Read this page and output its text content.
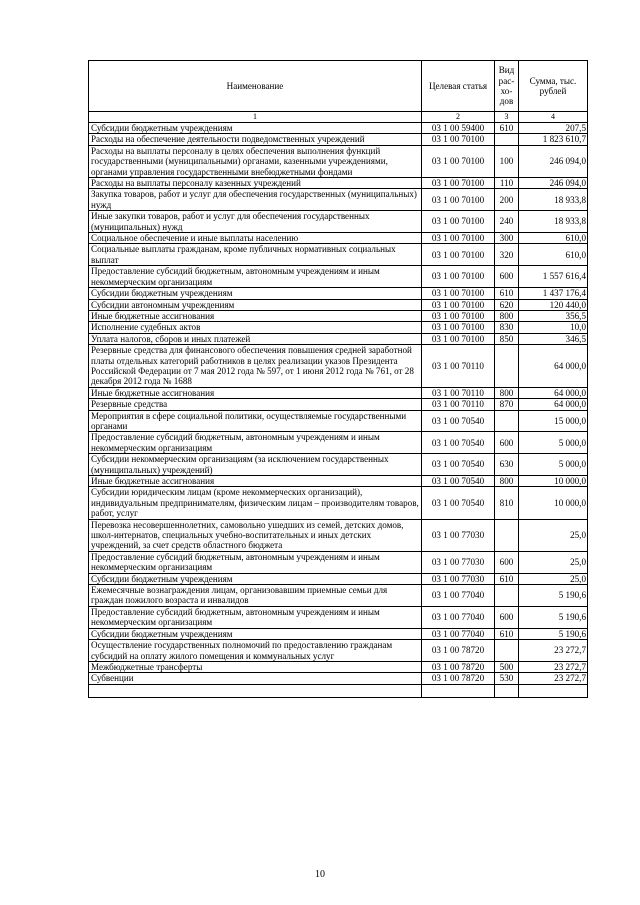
Наименование	Целевая статья	Вид рас-хо-дов	Сумма, тыс. рублей
1	2	3	4
Субсидии бюджетным учреждениям	03 1 00 59400	610	207,5
Расходы на обеспечение деятельности подведомственных учреждений	03 1 00 70100		1 823 610,7
Расходы на выплаты персоналу в целях обеспечения выполнения функций государственными (муниципальными) органами, казенными учреждениями, органами управления государственными внебюджетными фондами	03 1 00 70100	100	246 094,0
Расходы на выплаты персоналу казенных учреждений	03 1 00 70100	110	246 094,0
Закупка товаров, работ и услуг для обеспечения государственных (муниципальных) нужд	03 1 00 70100	200	18 933,8
Иные закупки товаров, работ и услуг для обеспечения государственных (муниципальных) нужд	03 1 00 70100	240	18 933,8
Социальное обеспечение и иные выплаты населению	03 1 00 70100	300	610,0
Социальные выплаты гражданам, кроме публичных нормативных социальных выплат	03 1 00 70100	320	610,0
Предоставление субсидий бюджетным, автономным учреждениям и иным некоммерческим организациям	03 1 00 70100	600	1 557 616,4
Субсидии бюджетным учреждениям	03 1 00 70100	610	1 437 176,4
Субсидии автономным учреждениям	03 1 00 70100	620	120 440,0
Иные бюджетные ассигнования	03 1 00 70100	800	356,5
Исполнение судебных актов	03 1 00 70100	830	10,0
Уплата налогов, сборов и иных платежей	03 1 00 70100	850	346,5
Резервные средства для финансового обеспечения повышения средней заработной платы отдельных категорий работников в целях реализации указов Президента Российской Федерации от 7 мая 2012 года № 597, от 1 июня 2012 года № 761, от 28 декабря 2012 года № 1688	03 1 00 70110		64 000,0
Иные бюджетные ассигнования	03 1 00 70110	800	64 000,0
Резервные средства	03 1 00 70110	870	64 000,0
Мероприятия в сфере социальной политики, осуществляемые государственными органами	03 1 00 70540		15 000,0
Предоставление субсидий бюджетным, автономным учреждениям и иным некоммерческим организациям	03 1 00 70540	600	5 000,0
Субсидии некоммерческим организациям (за исключением государственных (муниципальных) учреждений)	03 1 00 70540	630	5 000,0
Иные бюджетные ассигнования	03 1 00 70540	800	10 000,0
Субсидии юридическим лицам (кроме некоммерческих организаций), индивидуальным предпринимателям, физическим лицам – производителям товаров, работ, услуг	03 1 00 70540	810	10 000,0
Перевозка несовершеннолетних, самовольно ушедших из семей, детских домов, школ-интернатов, специальных учебно-воспитательных и иных детских учреждений, за счет средств областного бюджета	03 1 00 77030		25,0
Предоставление субсидий бюджетным, автономным учреждениям и иным некоммерческим организациям	03 1 00 77030	600	25,0
Субсидии бюджетным учреждениям	03 1 00 77030	610	25,0
Ежемесячные вознаграждения лицам, организовавшим приемные семьи для граждан пожилого возраста и инвалидов	03 1 00 77040		5 190,6
Предоставление субсидий бюджетным, автономным учреждениям и иным некоммерческим организациям	03 1 00 77040	600	5 190,6
Субсидии бюджетным учреждениям	03 1 00 77040	610	5 190,6
Осуществление государственных полномочий по предоставлению гражданам субсидий на оплату жилого помещения и коммунальных услуг	03 1 00 78720		23 272,7
Межбюджетные трансферты	03 1 00 78720	500	23 272,7
Субвенции	03 1 00 78720	530	23 272,7

10
